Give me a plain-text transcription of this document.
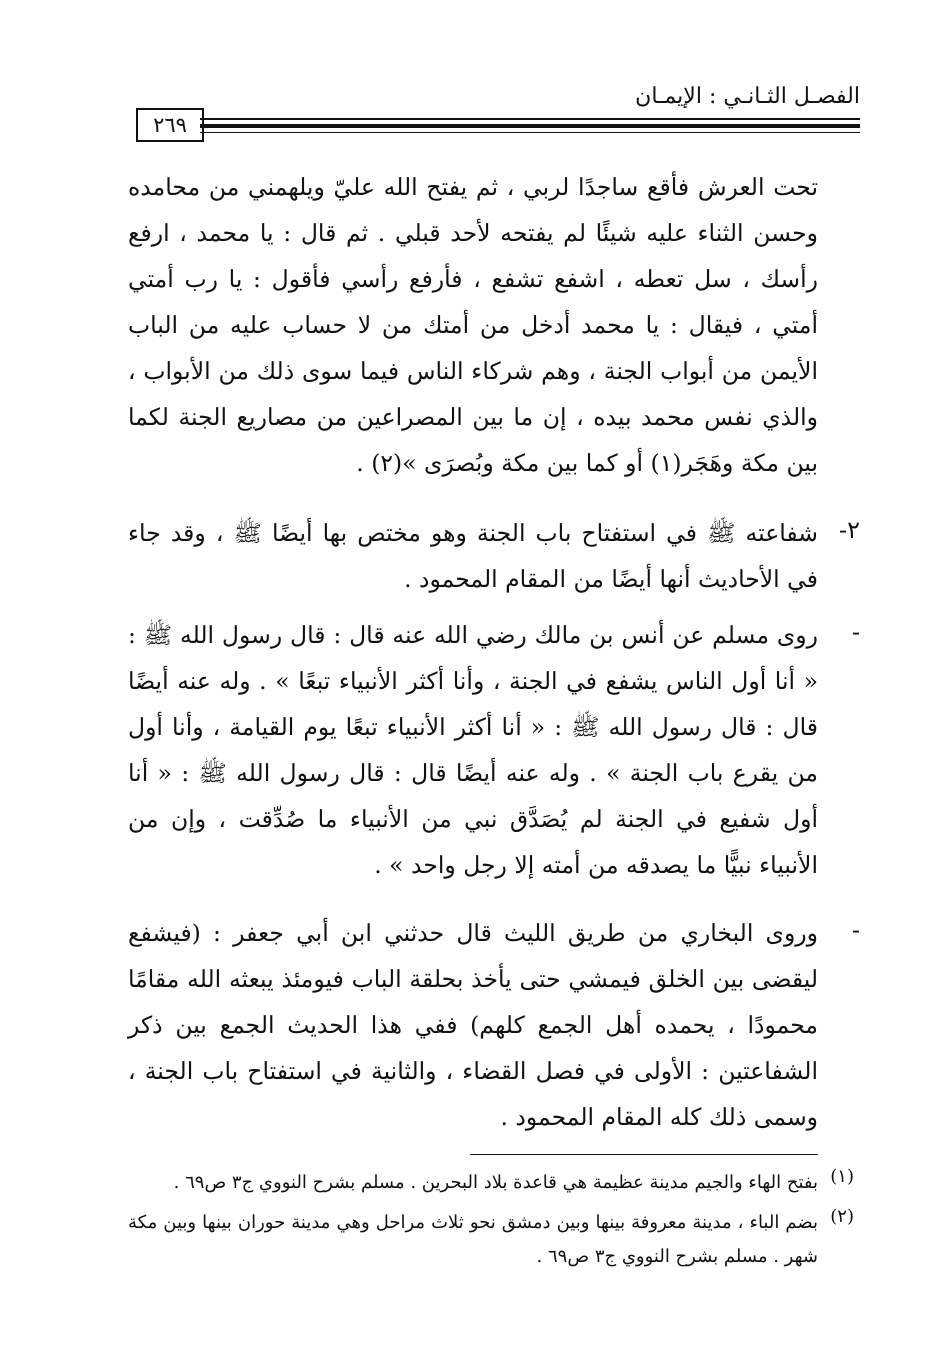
الفصـل الثـانـي : الإيمـان
٢٦٩
تحت العرش فأقع ساجدًا لربي ، ثم يفتح الله عليّ ويلهمني من محامده وحسن الثناء عليه شيئًا لم يفتحه لأحد قبلي . ثم قال : يا محمد ، ارفع رأسك ، سل تعطه ، اشفع تشفع ، فأرفع رأسي فأقول : يا رب أمتي أمتي ، فيقال : يا محمد أدخل من أمتك من لا حساب عليه من الباب الأيمن من أبواب الجنة ، وهم شركاء الناس فيما سوى ذلك من الأبواب ، والذي نفس محمد بيده ، إن ما بين المصراعين من مصاريع الجنة لكما بين مكة وهَجَر(١) أو كما بين مكة وبُصرَى »(٢) .
٢-
شفاعته ﷺ في استفتاح باب الجنة وهو مختص بها أيضًا ﷺ ، وقد جاء في الأحاديث أنها أيضًا من المقام المحمود .
-
روى مسلم عن أنس بن مالك رضي الله عنه قال : قال رسول الله ﷺ : « أنا أول الناس يشفع في الجنة ، وأنا أكثر الأنبياء تبعًا » . وله عنه أيضًا قال : قال رسول الله ﷺ : « أنا أكثر الأنبياء تبعًا يوم القيامة ، وأنا أول من يقرع باب الجنة » . وله عنه أيضًا قال : قال رسول الله ﷺ : « أنا أول شفيع في الجنة لم يُصَدَّق نبي من الأنبياء ما صُدِّقت ، وإن من الأنبياء نبيًّا ما يصدقه من أمته إلا رجل واحد » .
-
وروى البخاري من طريق الليث قال حدثني ابن أبي جعفر : (فيشفع ليقضى بين الخلق فيمشي حتى يأخذ بحلقة الباب فيومئذ يبعثه الله مقامًا محمودًا ، يحمده أهل الجمع كلهم) ففي هذا الحديث الجمع بين ذكر الشفاعتين : الأولى في فصل القضاء ، والثانية في استفتاح باب الجنة ، وسمى ذلك كله المقام المحمود .
(١)
بفتح الهاء والجيم مدينة عظيمة هي قاعدة بلاد البحرين . مسلم بشرح النووي ج٣ ص٦٩ .
(٢)
بضم الباء ، مدينة معروفة بينها وبين دمشق نحو ثلاث مراحل وهي مدينة حوران بينها وبين مكة شهر . مسلم بشرح النووي ج٣ ص٦٩ .
